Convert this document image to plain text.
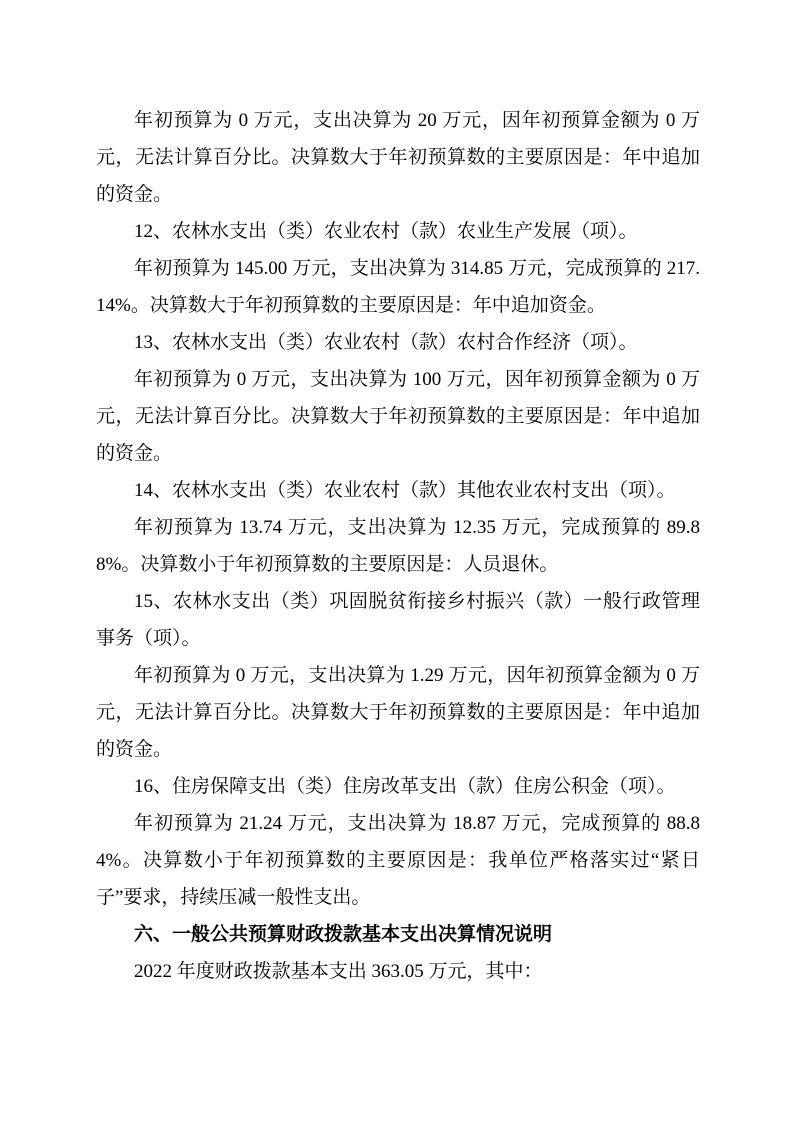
年初预算为 0 万元，支出决算为 20 万元，因年初预算金额为 0 万元，无法计算百分比。决算数大于年初预算数的主要原因是：年中追加的资金。

12、农林水支出（类）农业农村（款）农业生产发展（项）。

年初预算为 145.00 万元，支出决算为 314.85 万元，完成预算的 217.14%。决算数大于年初预算数的主要原因是：年中追加资金。

13、农林水支出（类）农业农村（款）农村合作经济（项）。

年初预算为 0 万元，支出决算为 100 万元，因年初预算金额为 0 万元，无法计算百分比。决算数大于年初预算数的主要原因是：年中追加的资金。

14、农林水支出（类）农业农村（款）其他农业农村支出（项）。

年初预算为 13.74 万元，支出决算为 12.35 万元，完成预算的 89.88%。决算数小于年初预算数的主要原因是：人员退休。

15、农林水支出（类）巩固脱贫衔接乡村振兴（款）一般行政管理事务（项）。

年初预算为 0 万元，支出决算为 1.29 万元，因年初预算金额为 0 万元，无法计算百分比。决算数大于年初预算数的主要原因是：年中追加的资金。

16、住房保障支出（类）住房改革支出（款）住房公积金（项）。

年初预算为 21.24 万元，支出决算为 18.87 万元，完成预算的 88.84%。决算数小于年初预算数的主要原因是：我单位严格落实过“紧日子”要求，持续压减一般性支出。

六、一般公共预算财政拨款基本支出决算情况说明

2022 年度财政拨款基本支出 363.05 万元，其中：
